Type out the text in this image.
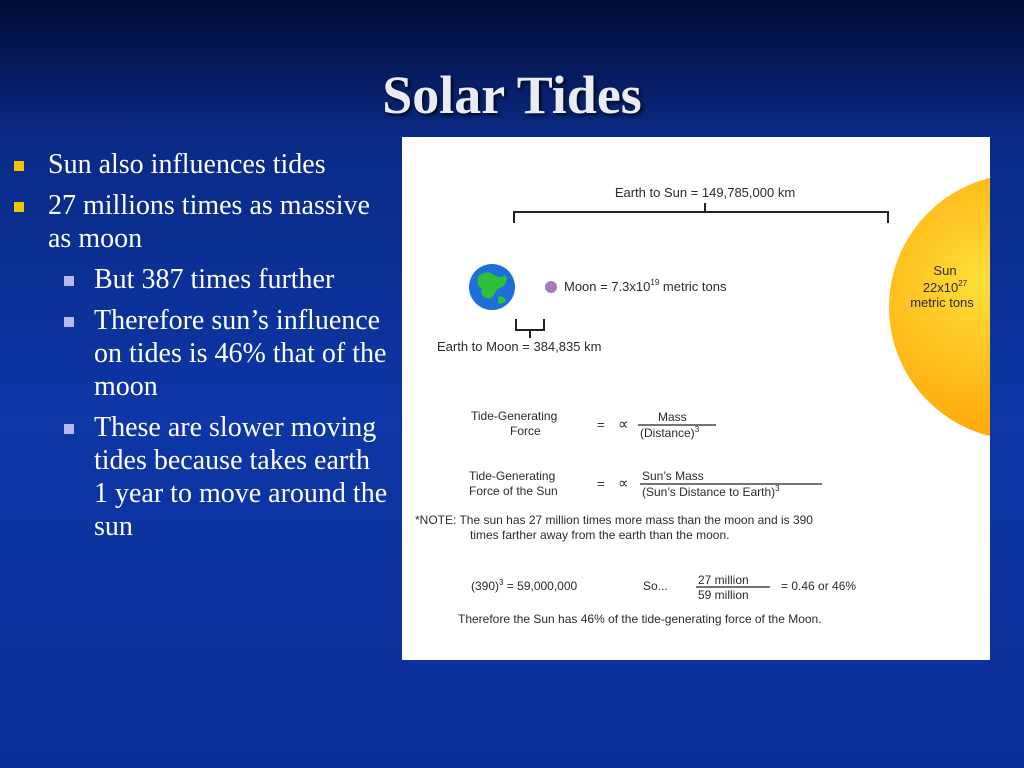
Solar Tides
Sun also influences tides
27 millions times as massive as moon
But 387 times further
Therefore sun’s influence on tides is 46% that of the moon
These are slower moving tides because takes earth 1 year to move around the sun
Sun
$22x10^{27}$
metric tons
Earth to Sun = 149,785,000 km
Moon = $7.3x10^{19}$ metric tons
Earth to Moon = 384,835 km
Tide-Generating
Force	= ∝ Mass
(Distance)$^3$
Tide-Generating
Force of the Sun	= ∝ Sun’s Mass
(Sun’s Distance to Earth)$^3$
*NOTE: The sun has 27 million times more mass than the moon and is 390
times farther away from the earth than the moon.
$(390)^3 = 59,000,000$	So...	27 million
59 million
= 0.46 or 46%
Therefore the Sun has 46% of the tide-generating force of the Moon.
